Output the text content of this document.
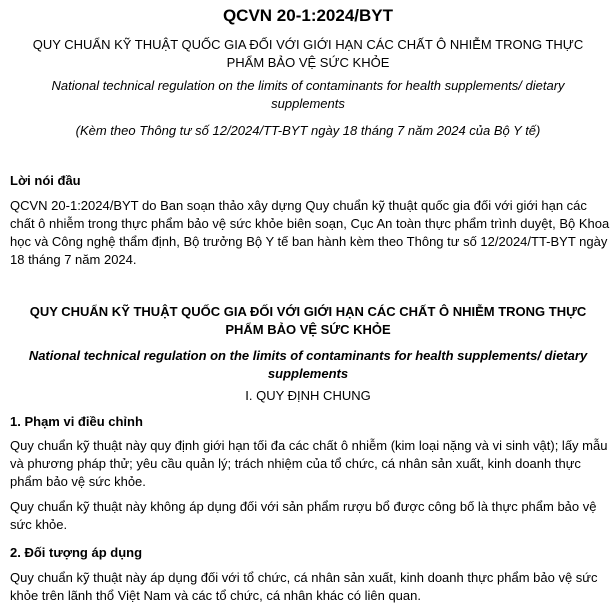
QCVN 20-1:2024/BYT
QUY CHUẨN KỸ THUẬT QUỐC GIA ĐỐI VỚI GIỚI HẠN CÁC CHẤT Ô NHIỄM TRONG THỰC PHẨM BẢO VỆ SỨC KHỎE
National technical regulation on the limits of contaminants for health supplements/ dietary supplements
(Kèm theo Thông tư số 12/2024/TT-BYT ngày 18 tháng 7 năm 2024 của Bộ Y tế)
Lời nói đầu
QCVN 20-1:2024/BYT do Ban soạn thảo xây dựng Quy chuẩn kỹ thuật quốc gia đối với giới hạn các chất ô nhiễm trong thực phẩm bảo vệ sức khỏe biên soạn, Cục An toàn thực phẩm trình duyệt, Bộ Khoa học và Công nghệ thẩm định, Bộ trưởng Bộ Y tế ban hành kèm theo Thông tư số 12/2024/TT-BYT ngày 18 tháng 7 năm 2024.
QUY CHUẨN KỸ THUẬT QUỐC GIA ĐỐI VỚI GIỚI HẠN CÁC CHẤT Ô NHIỄM TRONG THỰC PHẨM BẢO VỆ SỨC KHỎE
National technical regulation on the limits of contaminants for health supplements/ dietary supplements
I. QUY ĐỊNH CHUNG
1. Phạm vi điều chỉnh
Quy chuẩn kỹ thuật này quy định giới hạn tối đa các chất ô nhiễm (kim loại nặng và vi sinh vật); lấy mẫu và phương pháp thử; yêu cầu quản lý; trách nhiệm của tổ chức, cá nhân sản xuất, kinh doanh thực phẩm bảo vệ sức khỏe.
Quy chuẩn kỹ thuật này không áp dụng đối với sản phẩm rượu bổ được công bố là thực phẩm bảo vệ sức khỏe.
2. Đối tượng áp dụng
Quy chuẩn kỹ thuật này áp dụng đối với tổ chức, cá nhân sản xuất, kinh doanh thực phẩm bảo vệ sức khỏe trên lãnh thổ Việt Nam và các tổ chức, cá nhân khác có liên quan.
